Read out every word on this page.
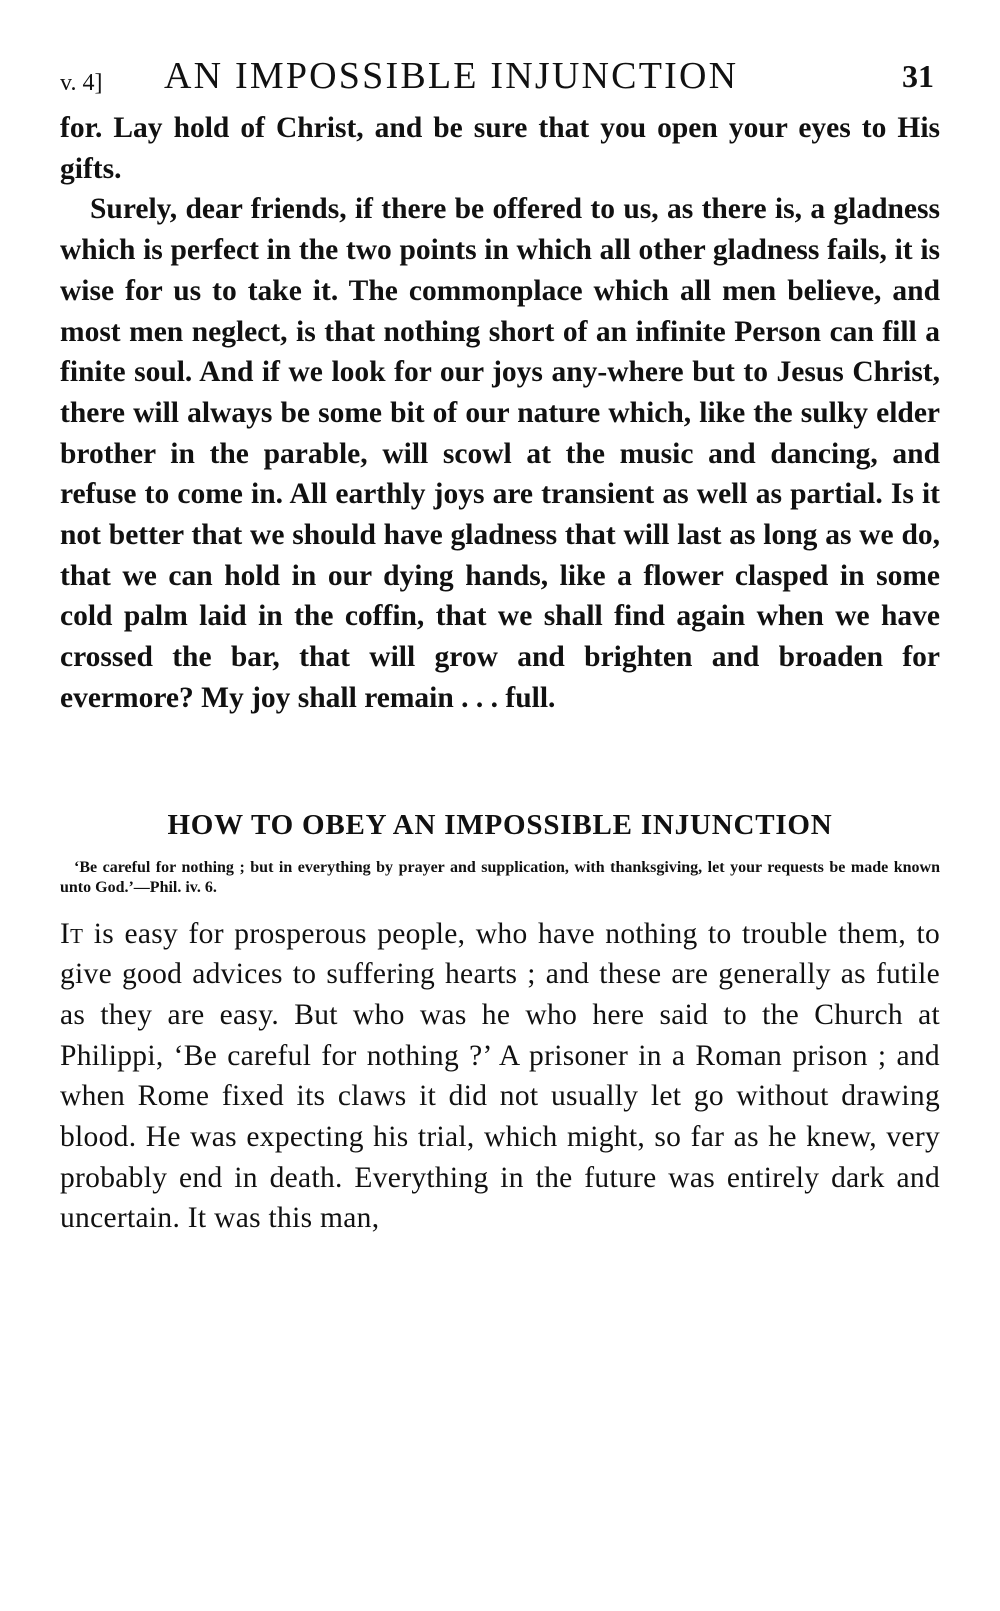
v. 4] AN IMPOSSIBLE INJUNCTION	31

for. Lay hold of Christ, and be sure that you open your eyes to His gifts.

Surely, dear friends, if there be offered to us, as there is, a gladness which is perfect in the two points in which all other gladness fails, it is wise for us to take it. The commonplace which all men believe, and most men neglect, is that nothing short of an infinite Person can fill a finite soul. And if we look for our joys any-where but to Jesus Christ, there will always be some bit of our nature which, like the sulky elder brother in the parable, will scowl at the music and dancing, and refuse to come in. All earthly joys are transient as well as partial. Is it not better that we should have gladness that will last as long as we do, that we can hold in our dying hands, like a flower clasped in some cold palm laid in the coffin, that we shall find again when we have crossed the bar, that will grow and brighten and broaden for evermore? My joy shall remain . . . full.

HOW TO OBEY AN IMPOSSIBLE INJUNCTION

‘Be careful for nothing ; but in everything by prayer and supplication, with thanksgiving, let your requests be made known unto God.’—Phil. iv. 6.

It is easy for prosperous people, who have nothing to trouble them, to give good advices to suffering hearts ; and these are generally as futile as they are easy. But who was he who here said to the Church at Philippi, ‘Be careful for nothing ?’ A prisoner in a Roman prison ; and when Rome fixed its claws it did not usually let go without drawing blood. He was expecting his trial, which might, so far as he knew, very probably end in death. Everything in the future was entirely dark and uncertain. It was this man,
